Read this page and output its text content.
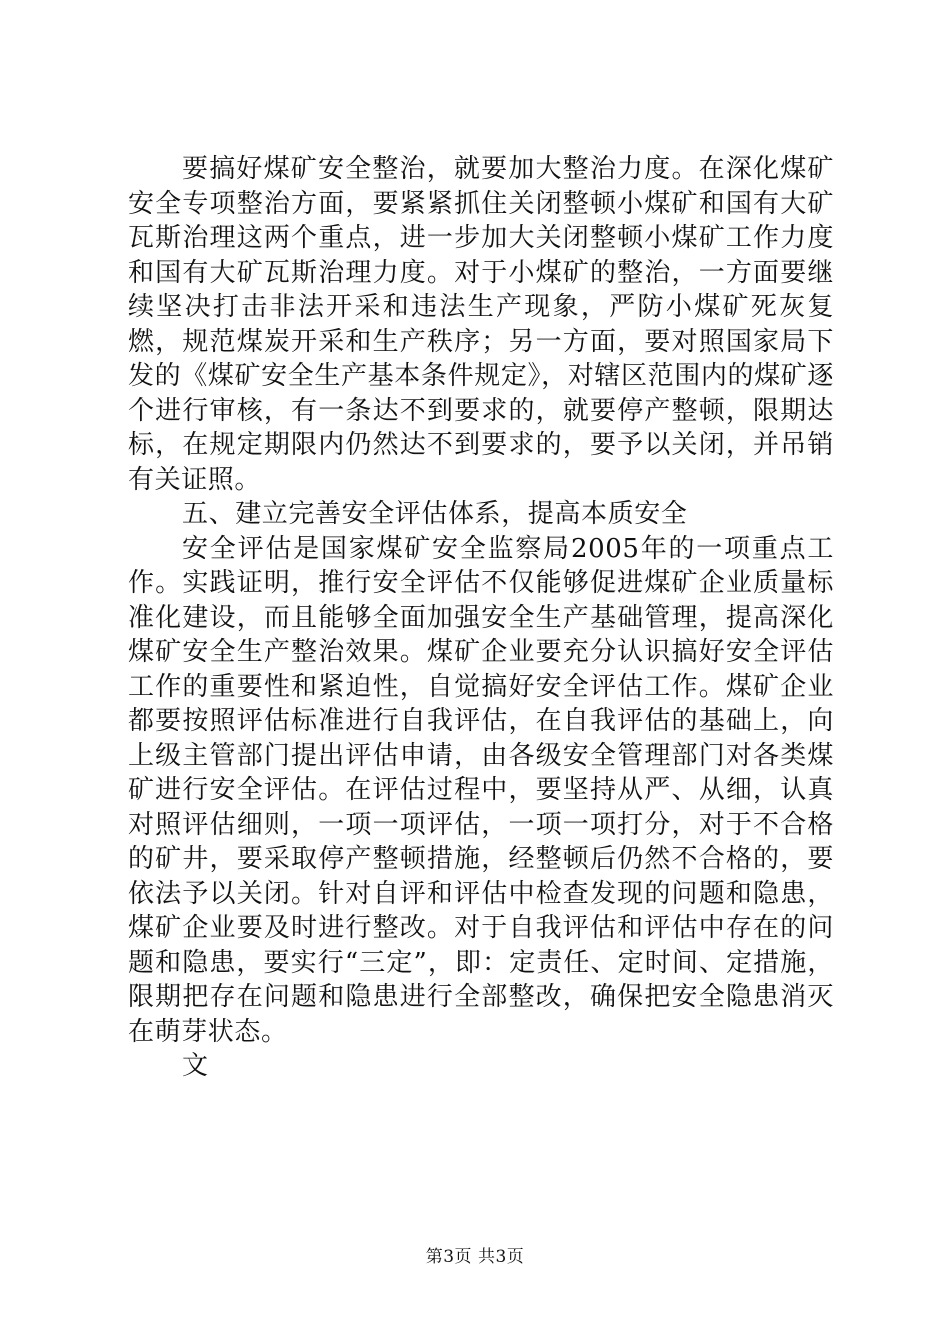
要搞好煤矿安全整治，就要加大整治力度。在深化煤矿安全专项整治方面，要紧紧抓住关闭整顿小煤矿和国有大矿瓦斯治理这两个重点，进一步加大关闭整顿小煤矿工作力度和国有大矿瓦斯治理力度。对于小煤矿的整治，一方面要继续坚决打击非法开采和违法生产现象，严防小煤矿死灰复燃，规范煤炭开采和生产秩序；另一方面，要对照国家局下发的《煤矿安全生产基本条件规定》，对辖区范围内的煤矿逐个进行审核，有一条达不到要求的，就要停产整顿，限期达标，在规定期限内仍然达不到要求的，要予以关闭，并吊销有关证照。

五、建立完善安全评估体系，提高本质安全

安全评估是国家煤矿安全监察局2005年的一项重点工作。实践证明，推行安全评估不仅能够促进煤矿企业质量标准化建设，而且能够全面加强安全生产基础管理，提高深化煤矿安全生产整治效果。煤矿企业要充分认识搞好安全评估工作的重要性和紧迫性，自觉搞好安全评估工作。煤矿企业都要按照评估标准进行自我评估，在自我评估的基础上，向上级主管部门提出评估申请，由各级安全管理部门对各类煤矿进行安全评估。在评估过程中，要坚持从严、从细，认真对照评估细则，一项一项评估，一项一项打分，对于不合格的矿井，要采取停产整顿措施，经整顿后仍然不合格的，要依法予以关闭。针对自评和评估中检查发现的问题和隐患，煤矿企业要及时进行整改。对于自我评估和评估中存在的问题和隐患，要实行“三定”，即：定责任、定时间、定措施，限期把存在问题和隐患进行全部整改，确保把安全隐患消灭在萌芽状态。

文

第3页 共3页
